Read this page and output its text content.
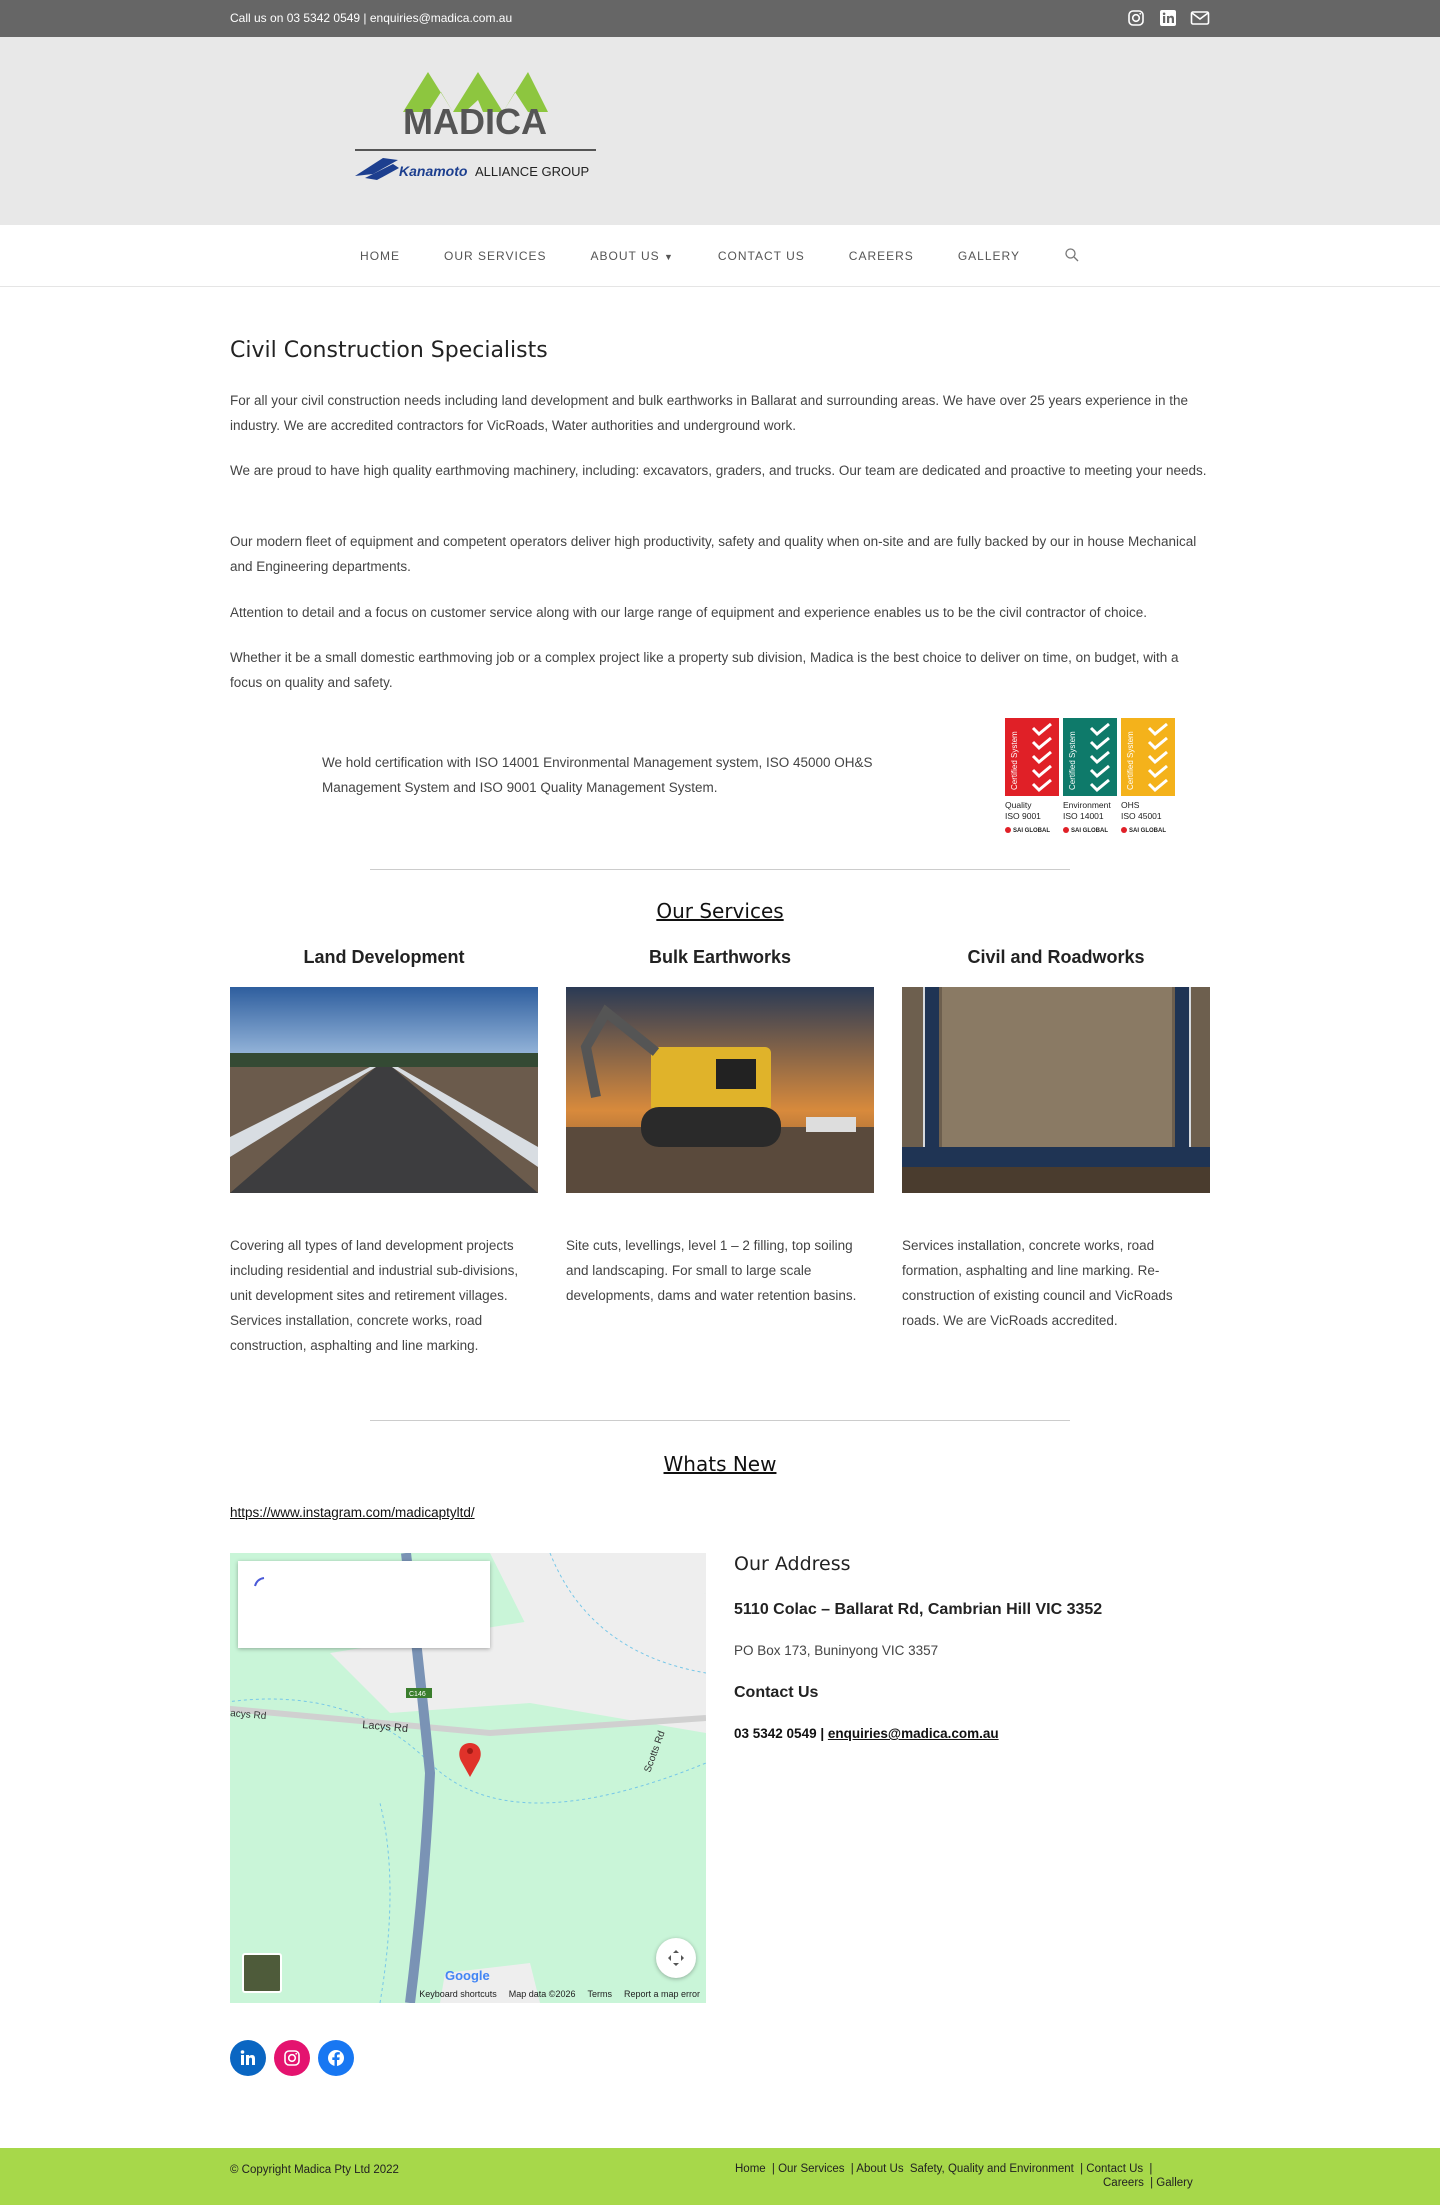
Call us on 03 5342 0549 | enquiries@madica.com.au
MADICA
Kanamoto ALLIANCE GROUP
HOME	OUR SERVICES	ABOUT US ▼	CONTACT US	CAREERS	GALLERY
Civil Construction Specialists

For all your civil construction needs including land development and bulk earthworks in Ballarat and surrounding areas. We have over 25 years experience in the industry. We are accredited contractors for VicRoads, Water authorities and underground work.

We are proud to have high quality earthmoving machinery, including: excavators, graders, and trucks. Our team are dedicated and proactive to meeting your needs.

Our modern fleet of equipment and competent operators deliver high productivity, safety and quality when on-site and are fully backed by our in house Mechanical and Engineering departments.

Attention to detail and a focus on customer service along with our large range of equipment and experience enables us to be the civil contractor of choice.

Whether it be a small domestic earthmoving job or a complex project like a property sub division, Madica is the best choice to deliver on time, on budget, with a focus on quality and safety.

We hold certification with ISO 14001 Environmental Management system, ISO 45000 OH&S Management System and ISO 9001 Quality Management System.	Certified System	Certified System	Certified System
Quality
ISO 9001
Environment
ISO 14001
OHS
ISO 45001
SAI GLOBAL	SAI GLOBAL	SAI GLOBAL
Our Services
Land Development

Covering all types of land development projects including residential and industrial sub-divisions, unit development sites and retirement villages. Services installation, concrete works, road construction, asphalting and line marking.

Bulk Earthworks

Site cuts, levellings, level 1 – 2 filling, top soiling and landscaping. For small to large scale developments, dams and water retention basins.

Civil and Roadworks

Services installation, concrete works, road formation, asphalting and line marking. Re-construction of existing council and VicRoads roads. We are VicRoads accredited.

Whats New
https://www.instagram.com/madicaptyltd/
C146
acys Rd
Lacys Rd
Scotts Rd
Google
Keyboard shortcuts Map data ©2026 Terms Report a map error
Our Address
5110 Colac – Ballarat Rd, Cambrian Hill VIC 3352

PO Box 173, Buninyong VIC 3357

Contact Us

03 5342 0549 | enquiries@madica.com.au

© Copyright Madica Pty Ltd 2022	Home | Our Services | About Us Safety, Quality and Environment | Contact Us |
Careers | Gallery
